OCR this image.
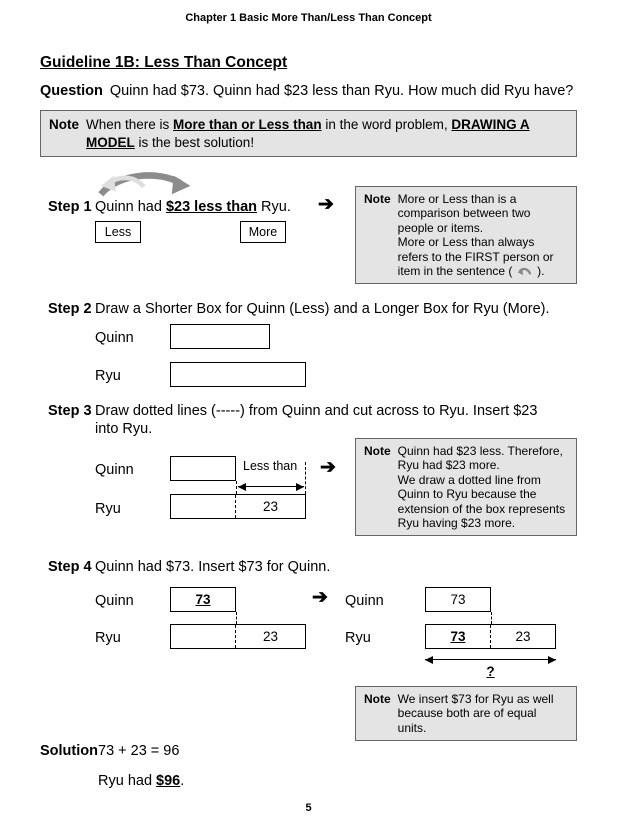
Chapter 1 Basic More Than/Less Than Concept
Guideline 1B: Less Than Concept
Question Quinn had $73. Quinn had $23 less than Ryu. How much did Ryu have?
Note When there is More than or Less than in the word problem, DRAWING A MODEL is the best solution!
Step 1 Quinn had $23 less than Ryu. ➔
Less	More
Note More or Less than is a comparison between two people or items.
More or Less than always refers to the FIRST person or item in the sentence ( ).
Step 2 Draw a Shorter Box for Quinn (Less) and a Longer Box for Ryu (More).
Quinn
Ryu
Step 3 Draw dotted lines (-----) from Quinn and cut across to Ryu. Insert $23 into Ryu.
Quinn	Less than
Ryu	23
➔
Note Quinn had $23 less. Therefore, Ryu had $23 more.
We draw a dotted line from Quinn to Ryu because the extension of the box represents Ryu having $23 more.
Step 4 Quinn had $73. Insert $73 for Quinn.
Quinn	73
Ryu	23
➔ Quinn	73
Ryu	73	23
?
Note We insert $73 for Ryu as well because both are of equal units.
Solution 73 + 23 = 96
Ryu had $96.
5
